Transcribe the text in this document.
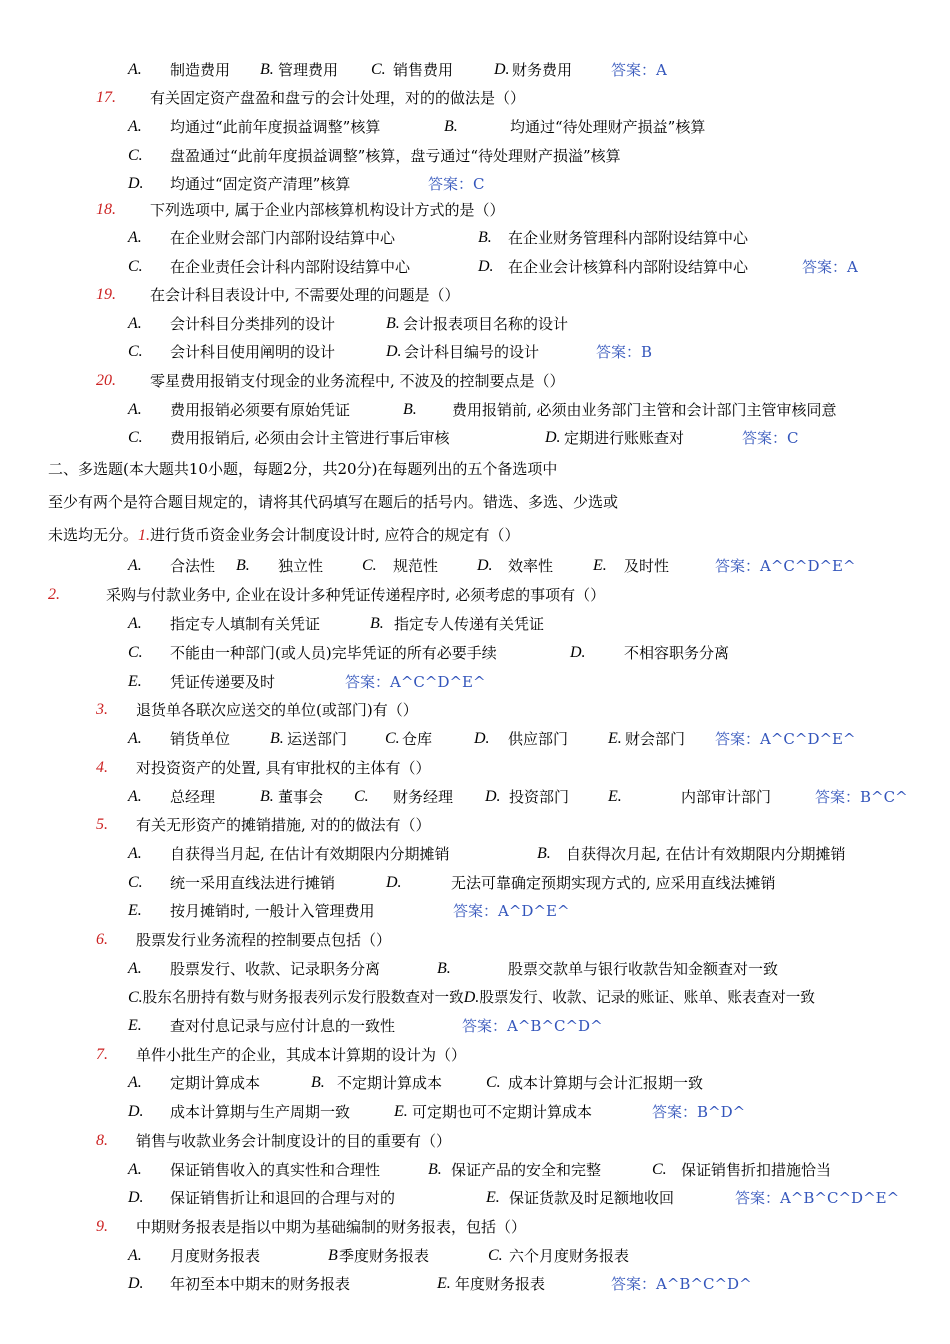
A. 制造费用 B. 管理费用 C. 销售费用	D. 财务费用	答案：A
17. 有关固定资产盘盈和盘亏的会计处理，对的的做法是（）
A. 均通过“此前年度损益调整”核算	B.	均通过“待处理财产损益”核算
C. 盘盈通过“此前年度损益调整”核算，盘亏通过“待处理财产损溢”核算
D. 均通过“固定资产清理”核算	答案：C
18. 下列选项中, 属于企业内部核算机构设计方式的是（）
A. 在企业财会部门内部附设结算中心	B. 在企业财务管理科内部附设结算中心
C. 在企业责任会计科内部附设结算中心	D. 在企业会计核算科内部附设结算中心	答案：A
19. 在会计科目表设计中, 不需要处理的问题是（）
A. 会计科目分类排列的设计	B. 会计报表项目名称的设计
C. 会计科目使用阐明的设计	D. 会计科目编号的设计	答案：B
20. 零星费用报销支付现金的业务流程中, 不波及的控制要点是（）
A. 费用报销必须要有原始凭证	B. 费用报销前, 必须由业务部门主管和会计部门主管审核同意
C. 费用报销后, 必须由会计主管进行事后审核	D. 定期进行账账查对	答案：C
二、多选题(本大题共10小题，每题2分，共20分)在每题列出的五个备选项中
至少有两个是符合题目规定的，请将其代码填写在题后的括号内。错选、多选、少选或
未选均无分。1.进行货币资金业务会计制度设计时, 应符合的规定有（）
A. 合法性 B. 独立性 C. 规范性 D. 效率性 E. 及时性	答案：A^C^D^E^
2.	采购与付款业务中, 企业在设计多种凭证传递程序时, 必须考虑的事项有（）
A. 指定专人填制有关凭证	B. 指定专人传递有关凭证
C. 不能由一种部门(或人员)完毕凭证的所有必要手续	D.	不相容职务分离
E. 凭证传递要及时	答案：A^C^D^E^
3. 退货单各联次应送交的单位(或部门)有（）
A. 销货单位 B. 运送部门 C. 仓库	D. 供应部门 E. 财会部门 答案：A^C^D^E^
4. 对投资资产的处置, 具有审批权的主体有（）
A. 总经理	B. 董事会 C. 财务经理 D. 投资部门 E.	内部审计部门	答案：B^C^
5. 有关无形资产的摊销措施, 对的的做法有（）
A. 自获得当月起, 在估计有效期限内分期摊销	B. 自获得次月起, 在估计有效期限内分期摊销
C. 统一采用直线法进行摊销	D.	无法可靠确定预期实现方式的, 应采用直线法摊销
E. 按月摊销时, 一般计入管理费用	答案：A^D^E^
6. 股票发行业务流程的控制要点包括（）
A. 股票发行、收款、记录职务分离	B.	股票交款单与银行收款告知金额查对一致
C.股东名册持有数与财务报表列示发行股数查对一致D.股票发行、收款、记录的账证、账单、账表查对一致
E. 查对付息记录与应付计息的一致性	答案：A^B^C^D^
7. 单件小批生产的企业，其成本计算期的设计为（）
A. 定期计算成本	B. 不定期计算成本	C. 成本计算期与会计汇报期一致
D. 成本计算期与生产周期一致	E. 可定期也可不定期计算成本	答案：B^D^
8. 销售与收款业务会计制度设计的目的重要有（）
A. 保证销售收入的真实性和合理性	B. 保证产品的安全和完整	C. 保证销售折扣措施恰当
D. 保证销售折让和退回的合理与对的	E. 保证货款及时足额地收回	答案：A^B^C^D^E^
9. 中期财务报表是指以中期为基础编制的财务报表，包括（）
A. 月度财务报表	B 季度财务报表	C. 六个月度财务报表
D. 年初至本中期末的财务报表	E. 年度财务报表	答案：A^B^C^D^
